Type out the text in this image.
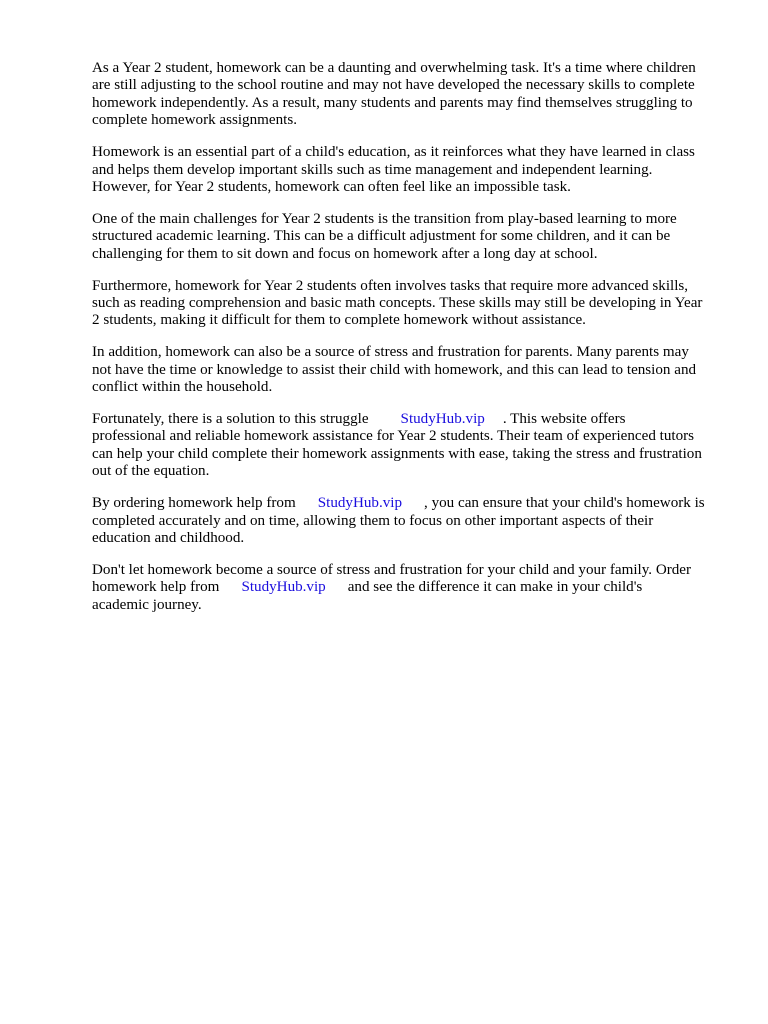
As a Year 2 student, homework can be a daunting and overwhelming task. It's a time where children
are still adjusting to the school routine and may not have developed the necessary skills to complete
homework independently. As a result, many students and parents may find themselves struggling to
complete homework assignments.

Homework is an essential part of a child's education, as it reinforces what they have learned in class
and helps them develop important skills such as time management and independent learning.
However, for Year 2 students, homework can often feel like an impossible task.

One of the main challenges for Year 2 students is the transition from play-based learning to more
structured academic learning. This can be a difficult adjustment for some children, and it can be
challenging for them to sit down and focus on homework after a long day at school.

Furthermore, homework for Year 2 students often involves tasks that require more advanced skills,
such as reading comprehension and basic math concepts. These skills may still be developing in Year
2 students, making it difficult for them to complete homework without assistance.

In addition, homework can also be a source of stress and frustration for parents. Many parents may
not have the time or knowledge to assist their child with homework, and this can lead to tension and
conflict within the household.

Fortunately, there is a solution to this struggle StudyHub.vip . This website offers
professional and reliable homework assistance for Year 2 students. Their team of experienced tutors
can help your child complete their homework assignments with ease, taking the stress and frustration
out of the equation.

By ordering homework help from StudyHub.vip , you can ensure that your child's homework is
completed accurately and on time, allowing them to focus on other important aspects of their
education and childhood.

Don't let homework become a source of stress and frustration for your child and your family. Order
homework help from StudyHub.vip and see the difference it can make in your child's
academic journey.
